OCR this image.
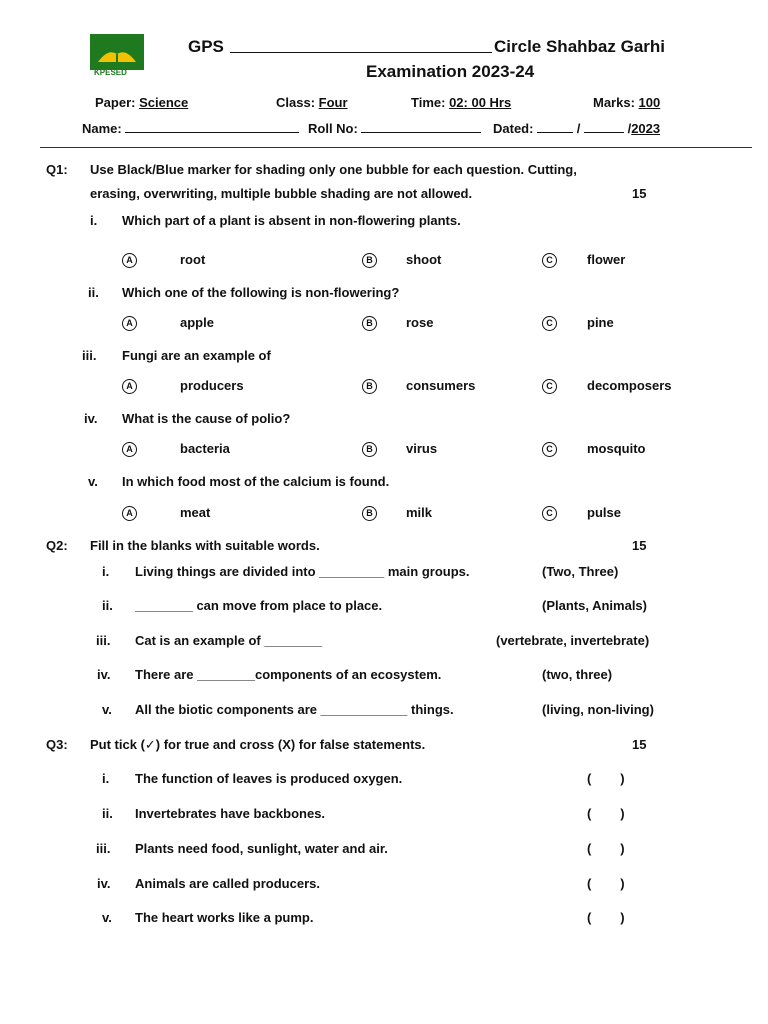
KPESED
GPS	Circle Shahbaz Garhi
Examination 2023-24
Paper: Science	Class: Four	Time: 02: 00 Hrs	Marks: 100
Name:	Roll No:	Dated:	/	/2023
Q1: Use Black/Blue marker for shading only one bubble for each question. Cutting,
erasing, overwriting, multiple bubble shading are not allowed.	15
i. Which part of a plant is absent in non-flowering plants.
A	root	B	shoot	C	flower
ii. Which one of the following is non-flowering?
A	apple	B	rose	C	pine
iii. Fungi are an example of
A	producers	B	consumers	C	decomposers
iv. What is the cause of polio?
A	bacteria	B	virus	C	mosquito
v. In which food most of the calcium is found.
A	meat	B	milk	C	pulse
Q2: Fill in the blanks with suitable words.	15
i. Living things are divided into _________ main groups.	(Two, Three)
ii. ________ can move from place to place.	(Plants, Animals)
iii. Cat is an example of ________	(vertebrate, invertebrate)
iv. There are ________components of an ecosystem.	(two, three)
v. All the biotic components are ____________ things.	(living, non-living)
Q3: Put tick (✓) for true and cross (X) for false statements.	15
i. The function of leaves is produced oxygen.	(        )
ii. Invertebrates have backbones.	(        )
iii. Plants need food, sunlight, water and air.	(        )
iv. Animals are called producers.	(        )
v. The heart works like a pump.	(        )
